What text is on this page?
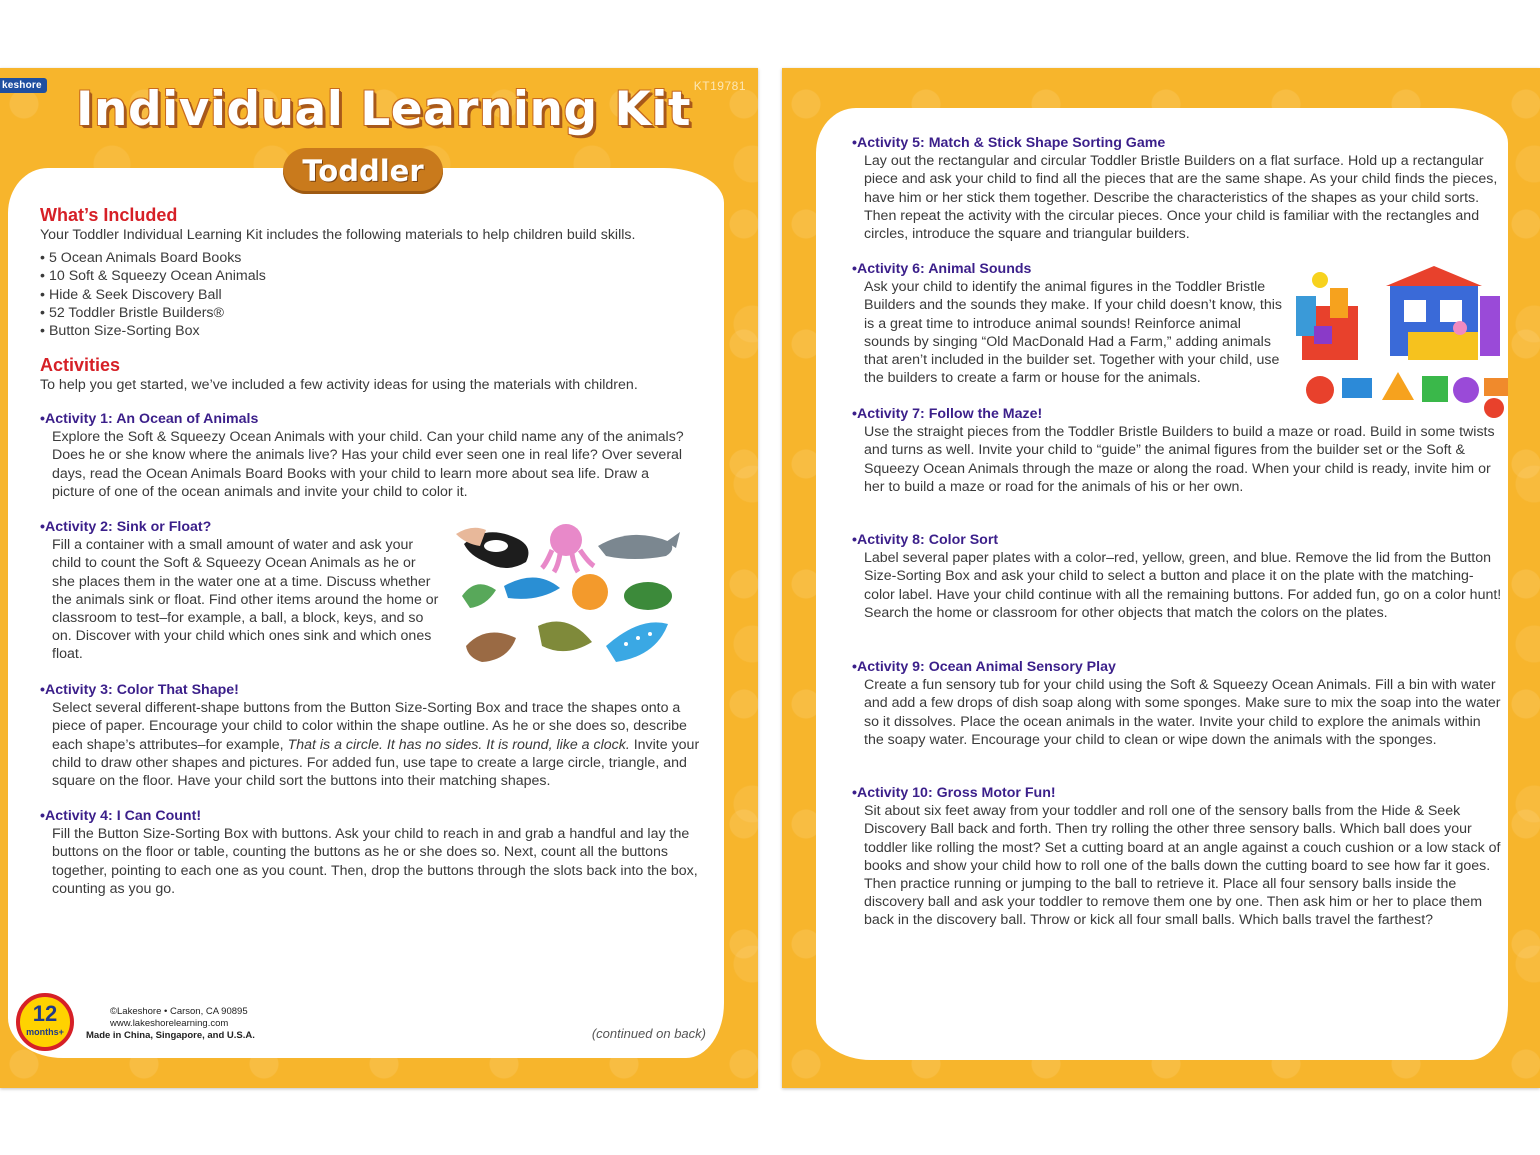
keshore	KT19781
Individual Learning Kit
Toddler
What’s Included

Your Toddler Individual Learning Kit includes the following materials to help children build skills.

• 5 Ocean Animals Board Books
• 10 Soft & Squeezy Ocean Animals
• Hide & Seek Discovery Ball
• 52 Toddler Bristle Builders®
• Button Size-Sorting Box
Activities

To help you get started, we’ve included a few activity ideas for using the materials with children.

• Activity 1: An Ocean of Animals

Explore the Soft & Squeezy Ocean Animals with your child. Can your child name any of the animals? Does he or she know where the animals live? Has your child ever seen one in real life? Over several days, read the Ocean Animals Board Books with your child to learn more about sea life. Draw a picture of one of the ocean animals and invite your child to color it.

• Activity 2: Sink or Float?

Fill a container with a small amount of water and ask your child to count the Soft & Squeezy Ocean Animals as he or she places them in the water one at a time. Discuss whether the animals sink or float. Find other items around the home or classroom to test–for example, a ball, a block, keys, and so on. Discover with your child which ones sink and which ones float.

• Activity 3: Color That Shape!

Select several different-shape buttons from the Button Size-Sorting Box and trace the shapes onto a piece of paper. Encourage your child to color within the shape outline. As he or she does so, describe each shape’s attributes–for example, That is a circle. It has no sides. It is round, like a clock. Invite your child to draw other shapes and pictures. For added fun, use tape to create a large circle, triangle, and square on the floor. Have your child sort the buttons into their matching shapes.

• Activity 4: I Can Count!

Fill the Button Size-Sorting Box with buttons. Ask your child to reach in and grab a handful and lay the buttons on the floor or table, counting the buttons as he or she does so. Next, count all the buttons together, pointing to each one as you count. Then, drop the buttons through the slots back into the box, counting as you go.

12
months+
©Lakeshore • Carson, CA 90895
www.lakeshorelearning.com
Made in China, Singapore, and U.S.A.	(continued on back)

• Activity 5: Match & Stick Shape Sorting Game

Lay out the rectangular and circular Toddler Bristle Builders on a flat surface. Hold up a rectangular piece and ask your child to find all the pieces that are the same shape. As your child finds the pieces, have him or her stick them together. Describe the characteristics of the shapes as your child sorts. Then repeat the activity with the circular pieces. Once your child is familiar with the rectangles and circles, introduce the square and triangular builders.

• Activity 6: Animal Sounds

Ask your child to identify the animal figures in the Toddler Bristle Builders and the sounds they make. If your child doesn’t know, this is a great time to introduce animal sounds! Reinforce animal sounds by singing “Old MacDonald Had a Farm,” adding animals that aren’t included in the builder set. Together with your child, use the builders to create a farm or house for the animals.

• Activity 7: Follow the Maze!

Use the straight pieces from the Toddler Bristle Builders to build a maze or road. Build in some twists and turns as well. Invite your child to “guide” the animal figures from the builder set or the Soft & Squeezy Ocean Animals through the maze or along the road. When your child is ready, invite him or her to build a maze or road for the animals of his or her own.

• Activity 8: Color Sort

Label several paper plates with a color–red, yellow, green, and blue. Remove the lid from the Button Size-Sorting Box and ask your child to select a button and place it on the plate with the matching-color label. Have your child continue with all the remaining buttons. For added fun, go on a color hunt! Search the home or classroom for other objects that match the colors on the plates.

• Activity 9: Ocean Animal Sensory Play

Create a fun sensory tub for your child using the Soft & Squeezy Ocean Animals. Fill a bin with water and add a few drops of dish soap along with some sponges. Make sure to mix the soap into the water so it dissolves. Place the ocean animals in the water. Invite your child to explore the animals within the soapy water. Encourage your child to clean or wipe down the animals with the sponges.

• Activity 10: Gross Motor Fun!

Sit about six feet away from your toddler and roll one of the sensory balls from the Hide & Seek Discovery Ball back and forth. Then try rolling the other three sensory balls. Which ball does your toddler like rolling the most? Set a cutting board at an angle against a couch cushion or a low stack of books and show your child how to roll one of the balls down the cutting board to see how far it goes. Then practice running or jumping to the ball to retrieve it. Place all four sensory balls inside the discovery ball and ask your toddler to remove them one by one. Then ask him or her to place them back in the discovery ball. Throw or kick all four small balls. Which balls travel the farthest?
